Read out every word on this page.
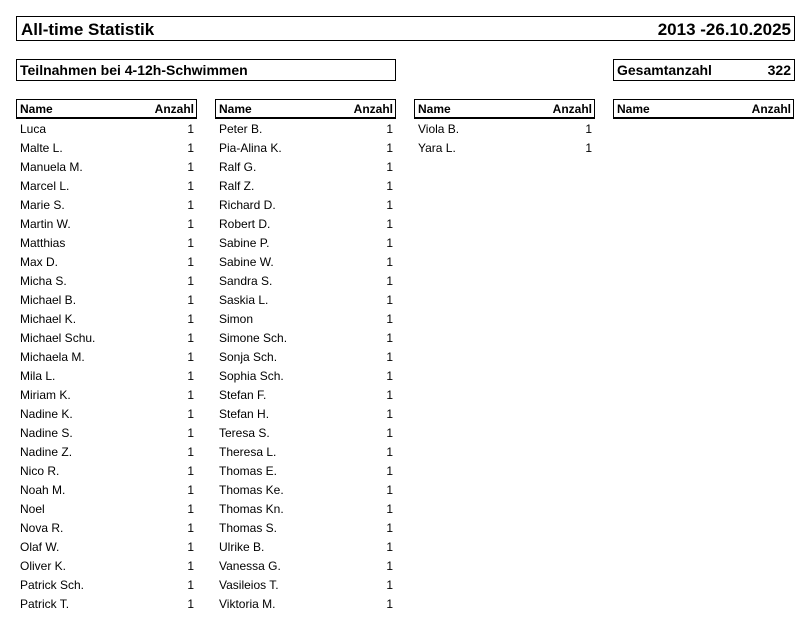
All-time Statistik	2013 -26.10.2025
Teilnahmen bei 4-12h-Schwimmen	Gesamtanzahl	322
Name	Anzahl
Luca	1
Malte L.	1
Manuela M.	1
Marcel L.	1
Marie S.	1
Martin W.	1
Matthias	1
Max D.	1
Micha S.	1
Michael B.	1
Michael K.	1
Michael Schu.	1
Michaela M.	1
Mila L.	1
Miriam K.	1
Nadine K.	1
Nadine S.	1
Nadine Z.	1
Nico R.	1
Noah M.	1
Noel	1
Nova R.	1
Olaf W.	1
Oliver K.	1
Patrick Sch.	1
Patrick T.	1
Name	Anzahl
Peter B.	1
Pia-Alina K.	1
Ralf G.	1
Ralf Z.	1
Richard D.	1
Robert D.	1
Sabine P.	1
Sabine W.	1
Sandra S.	1
Saskia L.	1
Simon	1
Simone Sch.	1
Sonja Sch.	1
Sophia Sch.	1
Stefan F.	1
Stefan H.	1
Teresa S.	1
Theresa L.	1
Thomas E.	1
Thomas Ke.	1
Thomas Kn.	1
Thomas S.	1
Ulrike B.	1
Vanessa G.	1
Vasileios T.	1
Viktoria M.	1
Name	Anzahl
Viola B.	1
Yara L.	1
Name	Anzahl
